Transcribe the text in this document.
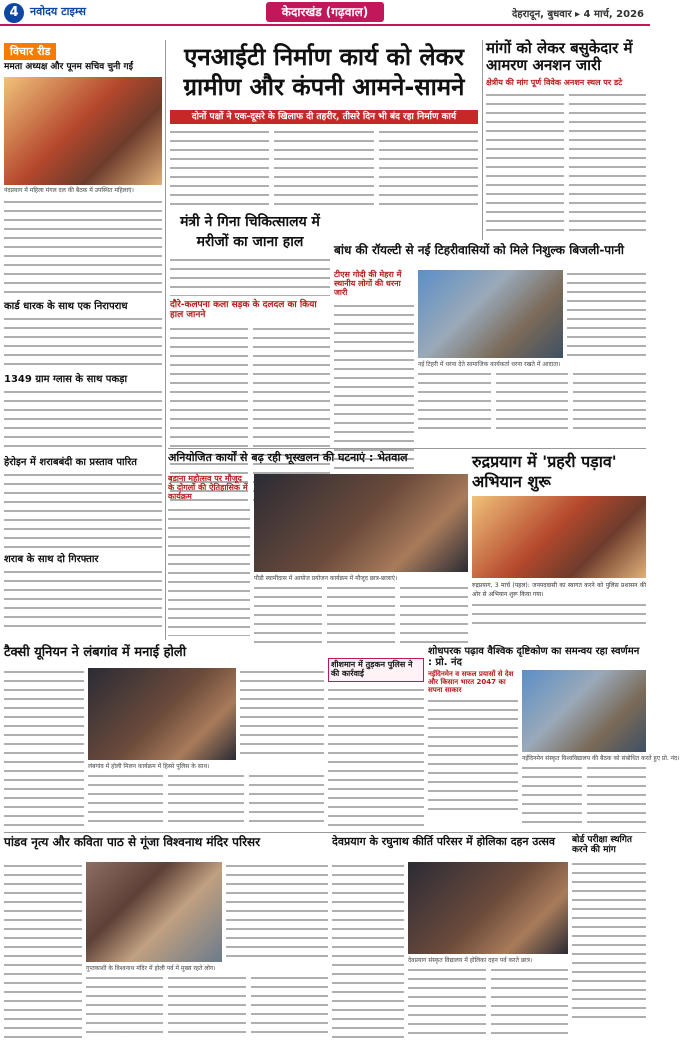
4	नवोदय टाइम्स	केदारखंड (गढ़वाल)	देहरादून, बुधवार ▸ 4 मार्च, 2026
विचार रीड
ममता अध्यक्ष और पूनम सचिव चुनी गईं
नंदप्रयाग में महिला मंगल दल की बैठक में उपस्थित महिलाएं।
कार्ड धारक के साथ एक निरापराध
1349 ग्राम ग्लास के साथ पकड़ा
हेरोइन में शराबबंदी का प्रस्ताव पारित
शराब के साथ दो गिरफ्तार
एनआईटी निर्माण कार्य को लेकर ग्रामीण और कंपनी आमने-सामने
दोनों पक्षों ने एक-दूसरे के खिलाफ दी तहरीर, तीसरे दिन भी बंद रहा निर्माण कार्य
मांगों को लेकर बसुकेदार में आमरण अनशन जारी
क्षेत्रीय की मांग पूर्ण विवेक अनशन स्थल पर डटे
मंत्री ने गिना चिकित्सालय में मरीजों का जाना हाल
दौरे-कलपना कला सड़क के दलदल का किया हाल जानने
बांध की रॉयल्टी से नई टिहरीवासियों को मिले निशुल्क बिजली-पानी
टीएस गोदी की मेहरा में स्थानीय लोगों की धरना जारी
नई टिहरी में धरना देते सामाजिक कार्यकर्ता धरना रखते में आदाता।
अनियोजित कार्यों से बढ़ रही भूस्खलन की घटनाएं : भेतवाल
बडाना महोत्सव पर मौजूद के दोगलों की ऐतिहासिक में कार्यक्रम
पौडी स्वामीदास में आयोज प्रयोजन कार्यक्रम में मौजूद छात्र-छात्राएं।
रुद्रप्रयाग में 'प्रहरी पड़ाव' अभियान शुरू
रुद्रप्रयाग, 3 मार्च (पहल): जनपदवासी का स्वागत करने को पुलिस प्रशासन की ओर से अभियान शुरू किया गया।
शीशमान में तुड़कन पुलिस ने की कार्रवाई
टैक्सी यूनियन ने लंबगांव में मनाई होली
लंबगांव में होली मिलन कार्यक्रम में हिस्से पुलिस के साथ।
शोधपरक पढ़ाव वैश्विक दृष्टिकोण का समन्वय रहा स्वर्णमन : प्रो. नंद
नईदिनमेन व सफल प्रयासों से देश और किसान भारत 2047 का सपना साकार
नईदिनमेन संस्कृत विश्वविद्यालय की बैठक को संबोधित करते हुए प्रो. नंद।
पांडव नृत्य और कविता पाठ से गूंजा विश्वनाथ मंदिर परिसर
गुप्तकाशी के विश्वनाथ मंदिर में होली पर्व में मुख्य रहते लोग।
देवप्रयाग के रघुनाथ कीर्ति परिसर में होलिका दहन उत्सव
देवप्रयाग संस्कृत विद्यालय में होलिका दहन पर्व करते छात्र।
बोर्ड परीक्षा स्थगित करने की मांग
